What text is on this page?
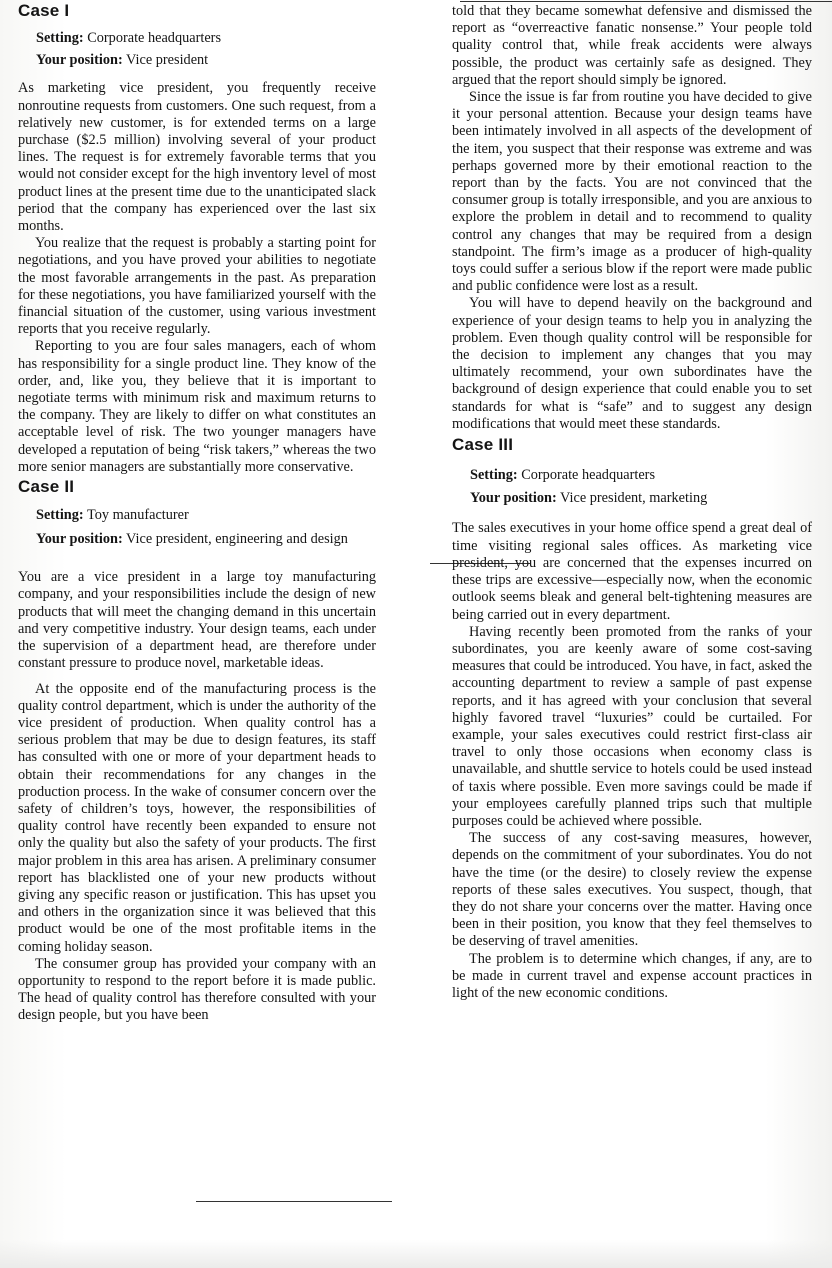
Case I
Setting: Corporate headquarters
Your position: Vice president

As marketing vice president, you frequently receive nonroutine requests from customers. One such request, from a relatively new customer, is for extended terms on a large purchase ($2.5 million) involving several of your product lines. The request is for extremely favorable terms that you would not consider except for the high inventory level of most product lines at the present time due to the unanticipated slack period that the company has experienced over the last six months.

You realize that the request is probably a starting point for negotiations, and you have proved your abilities to negotiate the most favorable arrangements in the past. As preparation for these negotiations, you have familiarized yourself with the financial situation of the customer, using various investment reports that you receive regularly.

Reporting to you are four sales managers, each of whom has responsibility for a single product line. They know of the order, and, like you, they believe that it is important to negotiate terms with minimum risk and maximum returns to the company. They are likely to differ on what constitutes an acceptable level of risk. The two younger managers have developed a reputation of being “risk takers,” whereas the two more senior managers are substantially more conservative.

Case II
Setting: Toy manufacturer
Your position: Vice president, engineering and design

You are a vice president in a large toy manufacturing company, and your responsibilities include the design of new products that will meet the changing demand in this uncertain and very competitive industry. Your design teams, each under the supervision of a department head, are therefore under constant pressure to produce novel, marketable ideas.

At the opposite end of the manufacturing process is the quality control department, which is under the authority of the vice president of production. When quality control has a serious problem that may be due to design features, its staff has consulted with one or more of your department heads to obtain their recommendations for any changes in the production process. In the wake of consumer concern over the safety of children’s toys, however, the responsibilities of quality control have recently been expanded to ensure not only the quality but also the safety of your products. The first major problem in this area has arisen. A preliminary consumer report has blacklisted one of your new products without giving any specific reason or justification. This has upset you and others in the organization since it was believed that this product would be one of the most profitable items in the coming holiday season.

The consumer group has provided your company with an opportunity to respond to the report before it is made public. The head of quality control has therefore consulted with your design people, but you have been

told that they became somewhat defensive and dismissed the report as “overreactive fanatic nonsense.” Your people told quality control that, while freak accidents were always possible, the product was certainly safe as designed. They argued that the report should simply be ignored.

Since the issue is far from routine you have decided to give it your personal attention. Because your design teams have been intimately involved in all aspects of the development of the item, you suspect that their response was extreme and was perhaps governed more by their emotional reaction to the report than by the facts. You are not convinced that the consumer group is totally irresponsible, and you are anxious to explore the problem in detail and to recommend to quality control any changes that may be required from a design standpoint. The firm’s image as a producer of high-quality toys could suffer a serious blow if the report were made public and public confidence were lost as a result.

You will have to depend heavily on the background and experience of your design teams to help you in analyzing the problem. Even though quality control will be responsible for the decision to implement any changes that you may ultimately recommend, your own subordinates have the background of design experience that could enable you to set standards for what is “safe” and to suggest any design modifications that would meet these standards.

Case III
Setting: Corporate headquarters
Your position: Vice president, marketing

The sales executives in your home office spend a great deal of time visiting regional sales offices. As marketing vice president, you are concerned that the expenses incurred on these trips are excessive—especially now, when the economic outlook seems bleak and general belt-tightening measures are being carried out in every department.

Having recently been promoted from the ranks of your subordinates, you are keenly aware of some cost-saving measures that could be introduced. You have, in fact, asked the accounting department to review a sample of past expense reports, and it has agreed with your conclusion that several highly favored travel “luxuries” could be curtailed. For example, your sales executives could restrict first-class air travel to only those occasions when economy class is unavailable, and shuttle service to hotels could be used instead of taxis where possible. Even more savings could be made if your employees carefully planned trips such that multiple purposes could be achieved where possible.

The success of any cost-saving measures, however, depends on the commitment of your subordinates. You do not have the time (or the desire) to closely review the expense reports of these sales executives. You suspect, though, that they do not share your concerns over the matter. Having once been in their position, you know that they feel themselves to be deserving of travel amenities.

The problem is to determine which changes, if any, are to be made in current travel and expense account practices in light of the new economic conditions.
